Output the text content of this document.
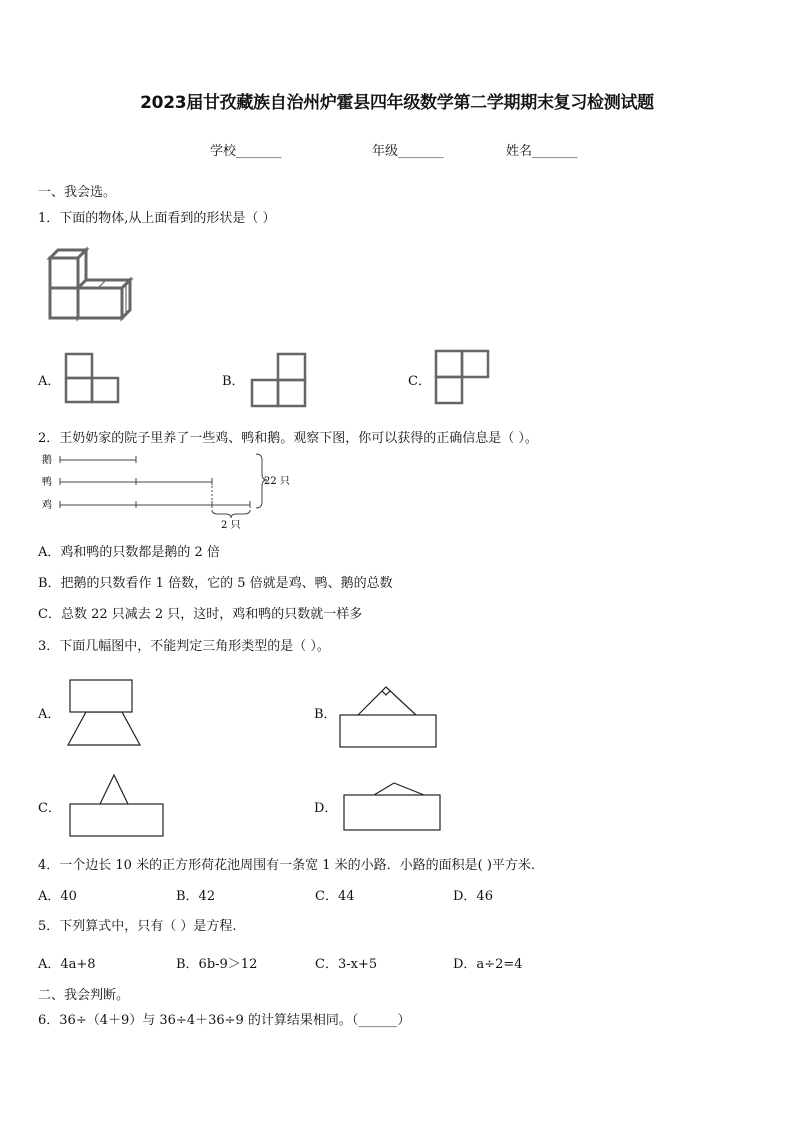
2023届甘孜藏族自治州炉霍县四年级数学第二学期期末复习检测试题
学校_______	年级_______	姓名_______
一、我会选。
1．下面的物体,从上面看到的形状是（ ）
A．	B．	C．
2．王奶奶家的院子里养了一些鸡、鸭和鹅。观察下图，你可以获得的正确信息是（ ）。
鹅
鸭
鸡
22 只
2 只
A．鸡和鸭的只数都是鹅的 2 倍
B．把鹅的只数看作 1 倍数，它的 5 倍就是鸡、鸭、鹅的总数
C．总数 22 只减去 2 只，这时，鸡和鸭的只数就一样多
3．下面几幅图中，不能判定三角形类型的是（ ）。
A．	B．
C．	D．
4．一个边长 10 米的正方形荷花池周围有一条宽 1 米的小路．小路的面积是( )平方米.
A．40	B．42	C．44	D．46
5．下列算式中，只有（ ）是方程.
A．4a+8	B．6b-9＞12	C．3-x+5	D．a÷2=4
二、我会判断。
6．36÷（4＋9）与 36÷4＋36÷9 的计算结果相同。（______）
